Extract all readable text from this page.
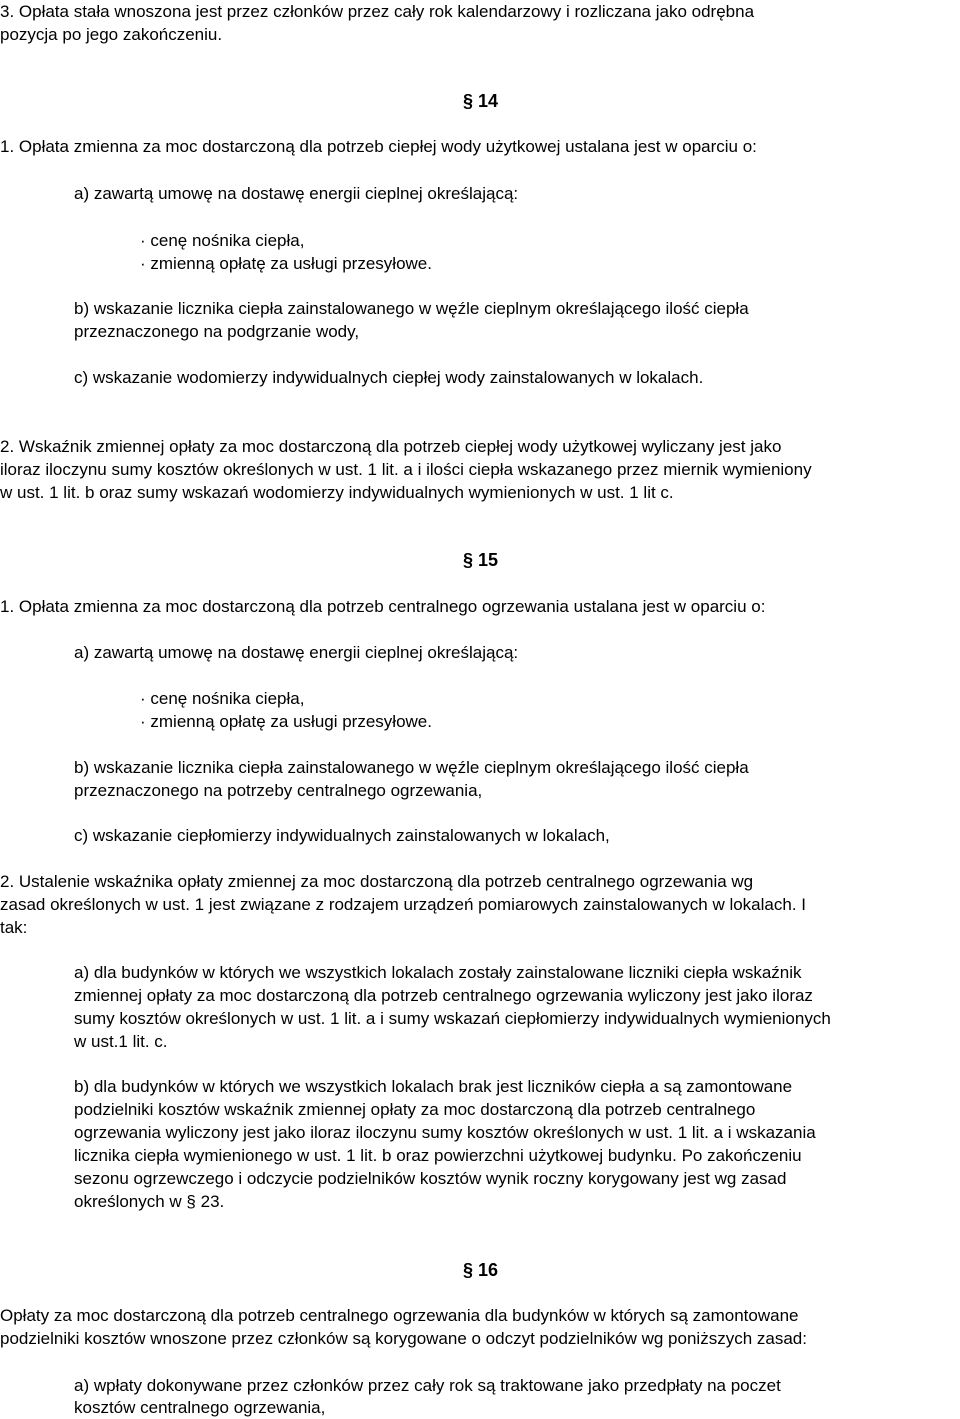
3. Opłata stała wnoszona jest przez członków przez cały rok kalendarzowy i rozliczana jako odrębna
pozycja po jego zakończeniu.
§ 14
1. Opłata zmienna za moc dostarczoną dla potrzeb ciepłej wody użytkowej ustalana jest w oparciu o:
a) zawartą umowę na dostawę energii cieplnej określającą:
· cenę nośnika ciepła,
· zmienną opłatę za usługi przesyłowe.
b) wskazanie licznika ciepła zainstalowanego w węźle cieplnym określającego ilość ciepła
przeznaczonego na podgrzanie wody,
c) wskazanie wodomierzy indywidualnych ciepłej wody zainstalowanych w lokalach.
2. Wskaźnik zmiennej opłaty za moc dostarczoną dla potrzeb ciepłej wody użytkowej wyliczany jest jako
iloraz iloczynu sumy kosztów określonych w ust. 1 lit. a i ilości ciepła wskazanego przez miernik wymieniony
w ust. 1 lit. b oraz sumy wskazań wodomierzy indywidualnych wymienionych w ust. 1 lit c.
§ 15
1. Opłata zmienna za moc dostarczoną dla potrzeb centralnego ogrzewania ustalana jest w oparciu o:
a) zawartą umowę na dostawę energii cieplnej określającą:
· cenę nośnika ciepła,
· zmienną opłatę za usługi przesyłowe.
b) wskazanie licznika ciepła zainstalowanego w węźle cieplnym określającego ilość ciepła
przeznaczonego na potrzeby centralnego ogrzewania,
c) wskazanie ciepłomierzy indywidualnych zainstalowanych w lokalach,
2. Ustalenie wskaźnika opłaty zmiennej za moc dostarczoną dla potrzeb centralnego ogrzewania wg
zasad określonych w ust. 1 jest związane z rodzajem urządzeń pomiarowych zainstalowanych w lokalach. I
tak:
a) dla budynków w których we wszystkich lokalach zostały zainstalowane liczniki ciepła wskaźnik
zmiennej opłaty za moc dostarczoną dla potrzeb centralnego ogrzewania wyliczony jest jako iloraz
sumy kosztów określonych w ust. 1 lit. a i sumy wskazań ciepłomierzy indywidualnych wymienionych
w ust.1 lit. c.
b) dla budynków w których we wszystkich lokalach brak jest liczników ciepła a są zamontowane
podzielniki kosztów wskaźnik zmiennej opłaty za moc dostarczoną dla potrzeb centralnego
ogrzewania wyliczony jest jako iloraz iloczynu sumy kosztów określonych w ust. 1 lit. a i wskazania
licznika ciepła wymienionego w ust. 1 lit. b oraz powierzchni użytkowej budynku. Po zakończeniu
sezonu ogrzewczego i odczycie podzielników kosztów wynik roczny korygowany jest wg zasad
określonych w § 23.
§ 16
Opłaty za moc dostarczoną dla potrzeb centralnego ogrzewania dla budynków w których są zamontowane
podzielniki kosztów wnoszone przez członków są korygowane o odczyt podzielników wg poniższych zasad:
a) wpłaty dokonywane przez członków przez cały rok są traktowane jako przedpłaty na poczet
kosztów centralnego ogrzewania,
